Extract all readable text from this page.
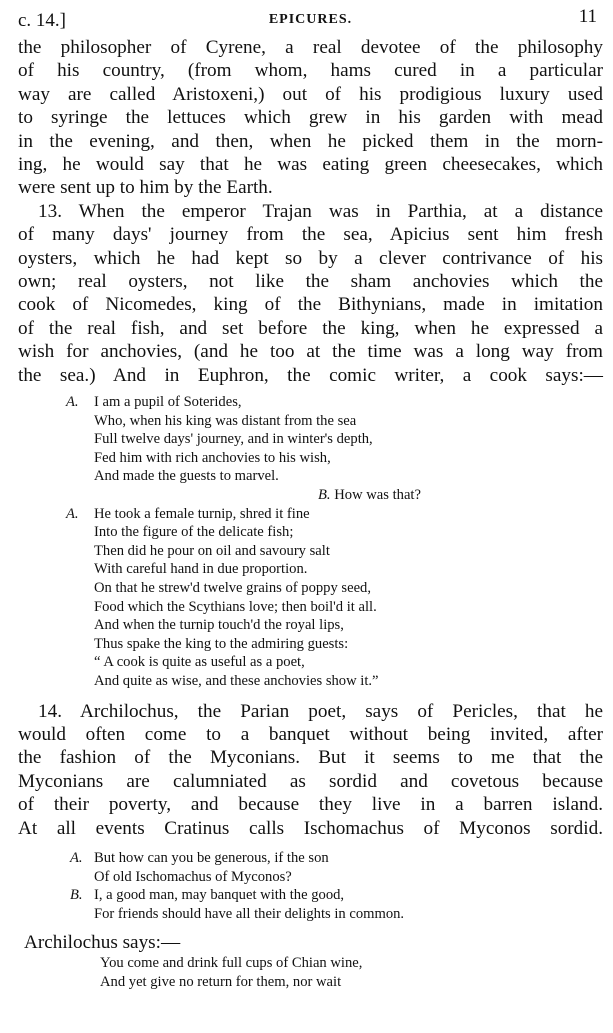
c. 14.]	EPICURES.	11
the philosopher of Cyrene, a real devotee of the philosophy
of his country, (from whom, hams cured in a particular
way are called Aristoxeni,) out of his prodigious luxury used
to syringe the lettuces which grew in his garden with mead
in the evening, and then, when he picked them in the morn-
ing, he would say that he was eating green cheesecakes, which
were sent up to him by the Earth.
13. When the emperor Trajan was in Parthia, at a distance
of many days' journey from the sea, Apicius sent him fresh
oysters, which he had kept so by a clever contrivance of his
own; real oysters, not like the sham anchovies which the
cook of Nicomedes, king of the Bithynians, made in imitation
of the real fish, and set before the king, when he expressed a
wish for anchovies, (and he too at the time was a long way from
the sea.) And in Euphron, the comic writer, a cook says:—
A. I am a pupil of Soterides,
Who, when his king was distant from the sea
Full twelve days' journey, and in winter's depth,
Fed him with rich anchovies to his wish,
And made the guests to marvel.
B. How was that?
A. He took a female turnip, shred it fine
Into the figure of the delicate fish;
Then did he pour on oil and savoury salt
With careful hand in due proportion.
On that he strew'd twelve grains of poppy seed,
Food which the Scythians love; then boil'd it all.
And when the turnip touch'd the royal lips,
Thus spake the king to the admiring guests:
“ A cook is quite as useful as a poet,
And quite as wise, and these anchovies show it.”
14. Archilochus, the Parian poet, says of Pericles, that he
would often come to a banquet without being invited, after
the fashion of the Myconians. But it seems to me that the
Myconians are calumniated as sordid and covetous because
of their poverty, and because they live in a barren island.
At all events Cratinus calls Ischomachus of Myconos sordid.
A. But how can you be generous, if the son
Of old Ischomachus of Myconos?
B. I, a good man, may banquet with the good,
For friends should have all their delights in common.

Archilochus says:—

You come and drink full cups of Chian wine,
And yet give no return for them, nor wait
